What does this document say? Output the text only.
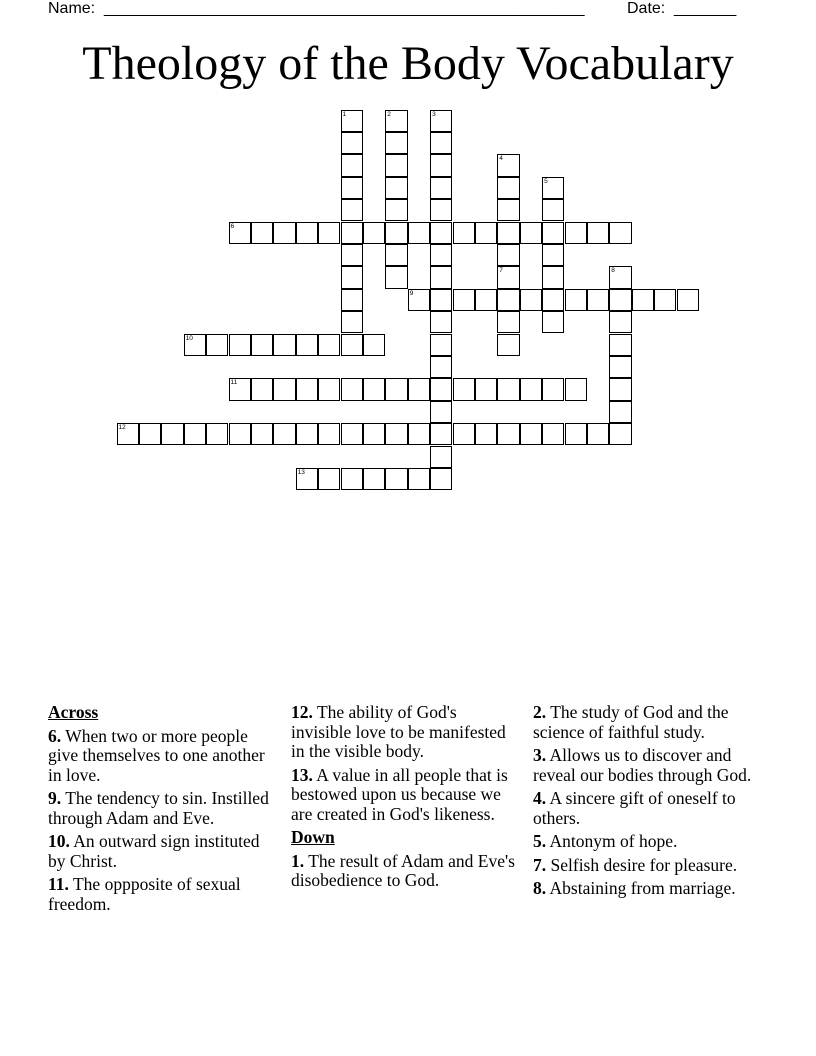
Name: ______________________________________________________	Date: _______
Theology of the Body Vocabulary
1	2	3
4
5
6
7	8
9
10
11
12
13
Across
6. When two or more people give themselves to one another in love.
9. The tendency to sin. Instilled through Adam and Eve.
10. An outward sign instituted by Christ.
11. The oppposite of sexual freedom.
12. The ability of God's invisible love to be manifested in the visible body.
13. A value in all people that is bestowed upon us because we are created in God's likeness.
Down
1. The result of Adam and Eve's disobedience to God.
2. The study of God and the science of faithful study.
3. Allows us to discover and reveal our bodies through God.
4. A sincere gift of oneself to others.
5. Antonym of hope.
7. Selfish desire for pleasure.
8. Abstaining from marriage.
